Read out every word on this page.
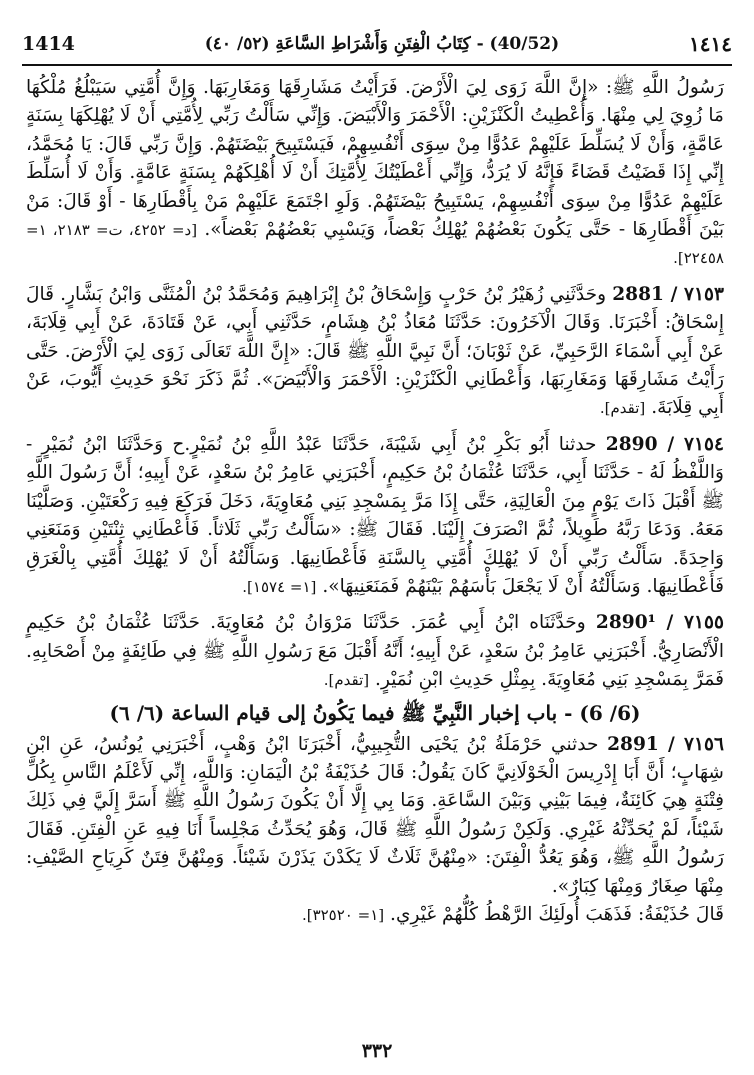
1414	(40/52) - كِتَابُ الْفِتَنِ وَأَشْرَاطِ السَّاعَةِ (٥٢/ ٤٠)	١٤١٤

رَسُولُ اللَّهِ ﷺ: «إِنَّ اللَّهَ زَوَى لِيَ الْأَرْضَ. فَرَأَيْتُ مَشَارِقَهَا وَمَغَارِبَهَا. وَإِنَّ أُمَّتِي سَيَبْلُغُ مُلْكُهَا مَا زُوِيَ لِي مِنْهَا. وَأُعْطِيتُ الْكَنْزَيْنِ: الْأَحْمَرَ وَالْأَبْيَضَ. وَإِنِّي سَأَلْتُ رَبِّي لِأُمَّتِي أَنْ لَا يُهْلِكَهَا بِسَنَةٍ عَامَّةٍ، وَأَنْ لَا يُسَلِّطَ عَلَيْهِمْ عَدُوًّا مِنْ سِوَى أَنْفُسِهِمْ، فَيَسْتَبِيحَ بَيْضَتَهُمْ. وَإِنَّ رَبِّي قَالَ: يَا مُحَمَّدُ، إِنِّي إِذَا قَضَيْتُ قَضَاءً فَإِنَّهُ لَا يُرَدُّ، وَإِنِّي أَعْطَيْتُكَ لِأُمَّتِكَ أَنْ لَا أُهْلِكَهُمْ بِسَنَةٍ عَامَّةٍ. وَأَنْ لَا أُسَلِّطَ عَلَيْهِمْ عَدُوًّا مِنْ سِوَى أَنْفُسِهِمْ، يَسْتَبِيحُ بَيْضَتَهُمْ. وَلَوِ اجْتَمَعَ عَلَيْهِمْ مَنْ بِأَقْطَارِهَا - أَوْ قَالَ: مَنْ بَيْنَ أَقْطَارِهَا - حَتَّى يَكُونَ بَعْضُهُمْ يُهْلِكُ بَعْضاً، وَيَسْبِي بَعْضُهُمْ بَعْضاً». [د= ٤٢٥٢، ت= ٢١٨٣، ١= ٢٢٤٥٨].

٧١٥٣ / 2881 وحَدَّثَنِي زُهَيْرُ بْنُ حَرْبٍ وَإِسْحَاقُ بْنُ إِبْرَاهِيمَ وَمُحَمَّدُ بْنُ الْمُثَنَّى وَابْنُ بَشَّارٍ. قَالَ إِسْحَاقُ: أَخْبَرَنَا. وَقَالَ الْآخَرُونَ: حَدَّثَنَا مُعَاذُ بْنُ هِشَامٍ، حَدَّثَنِي أَبِي، عَنْ قَتَادَةَ، عَنْ أَبِي قِلَابَةَ، عَنْ أَبِي أَسْمَاءَ الرَّحَبِيِّ، عَنْ ثَوْبَانَ؛ أَنَّ نَبِيَّ اللَّهِ ﷺ قَالَ: «إِنَّ اللَّهَ تَعَالَى زَوَى لِيَ الْأَرْضَ. حَتَّى رَأَيْتُ مَشَارِقَهَا وَمَغَارِبَهَا، وَأَعْطَانِي الْكَنْزَيْنِ: الْأَحْمَرَ وَالْأَبْيَضَ». ثُمَّ ذَكَرَ نَحْوَ حَدِيثِ أَيُّوبَ، عَنْ أَبِي قِلَابَةَ. [تقدم].

٧١٥٤ / 2890 حدثنا أَبُو بَكْرِ بْنُ أَبِي شَيْبَةَ، حَدَّثَنَا عَبْدُ اللَّهِ بْنُ نُمَيْرٍ.ح وَحَدَّثَنَا ابْنُ نُمَيْرٍ - وَاللَّفْظُ لَهُ - حَدَّثَنَا أَبِي، حَدَّثَنَا عُثْمَانُ بْنُ حَكِيمٍ، أَخْبَرَنِي عَامِرُ بْنُ سَعْدٍ، عَنْ أَبِيهِ؛ أَنَّ رَسُولَ اللَّهِ ﷺ أَقْبَلَ ذَاتَ يَوْمٍ مِنَ الْعَالِيَةِ، حَتَّى إِذَا مَرَّ بِمَسْجِدِ بَنِي مُعَاوِيَةَ، دَخَلَ فَرَكَعَ فِيهِ رَكْعَتَيْنِ. وَصَلَّيْنَا مَعَهُ. وَدَعَا رَبَّهُ طَوِيلاً، ثُمَّ انْصَرَفَ إِلَيْنَا. فَقَالَ ﷺ: «سَأَلْتُ رَبِّي ثَلَاثاً. فَأَعْطَانِي ثِنْتَيْنِ وَمَنَعَنِي وَاحِدَةً. سَأَلْتُ رَبِّي أَنْ لَا يُهْلِكَ أُمَّتِي بِالسَّنَةِ فَأَعْطَانِيهَا. وَسَأَلْتُهُ أَنْ لَا يُهْلِكَ أُمَّتِي بِالْغَرَقِ فَأَعْطَانِيهَا. وَسَأَلْتُهُ أَنْ لَا يَجْعَلَ بَأْسَهُمْ بَيْنَهُمْ فَمَنَعَنِيهَا». [١= ١٥٧٤].

٧١٥٥ / 2890¹ وحَدَّثَنَاه ابْنُ أَبِي عُمَرَ. حَدَّثَنَا مَرْوَانُ بْنُ مُعَاوِيَةَ. حَدَّثَنَا عُثْمَانُ بْنُ حَكِيمٍ الْأَنْصَارِيُّ. أَخْبَرَنِي عَامِرُ بْنُ سَعْدٍ، عَنْ أَبِيهِ؛ أَنَّهُ أَقْبَلَ مَعَ رَسُولِ اللَّهِ ﷺ فِي طَائِفَةٍ مِنْ أَصْحَابِهِ. فَمَرَّ بِمَسْجِدِ بَنِي مُعَاوِيَةَ. بِمِثْلِ حَدِيثِ ابْنِ نُمَيْرٍ. [تقدم].

(6/ 6) - باب إخبار النَّبِيِّ ﷺ فيما يَكُونُ إلى قيام الساعة (٦/ ٦)

٧١٥٦ / 2891 حدثني حَرْمَلَةُ بْنُ يَحْيَى التُّجِيبِيُّ، أَخْبَرَنَا ابْنُ وَهْبٍ، أَخْبَرَنِي يُونُسُ، عَنِ ابْنِ شِهَابٍ؛ أَنَّ أَبَا إِدْرِيسَ الْخَوْلَانِيَّ كَانَ يَقُولُ: قَالَ حُذَيْفَةُ بْنُ الْيَمَانِ: وَاللَّهِ، إِنِّي لَأَعْلَمُ النَّاسِ بِكُلِّ فِتْنَةٍ هِيَ كَائِنَةٌ، فِيمَا بَيْنِي وَبَيْنَ السَّاعَةِ. وَمَا بِي إِلَّا أَنْ يَكُونَ رَسُولُ اللَّهِ ﷺ أَسَرَّ إِلَيَّ فِي ذَلِكَ شَيْئاً، لَمْ يُحَدِّثْهُ غَيْرِي. وَلَكِنْ رَسُولُ اللَّهِ ﷺ قَالَ، وَهُوَ يُحَدِّثُ مَجْلِساً أَنَا فِيهِ عَنِ الْفِتَنِ. فَقَالَ رَسُولُ اللَّهِ ﷺ، وَهُوَ يَعُدُّ الْفِتَنَ: «مِنْهُنَّ ثَلَاثٌ لَا يَكَدْنَ يَذَرْنَ شَيْئاً. وَمِنْهُنَّ فِتَنٌ كَرِيَاحِ الصَّيْفِ: مِنْهَا صِغَارٌ وَمِنْهَا كِبَارٌ».

قَالَ حُذَيْفَةُ: فَذَهَبَ أُولَئِكَ الرَّهْطُ كُلُّهُمْ غَيْرِي. [١= ٣٢٥٢٠].

٣٣٢
